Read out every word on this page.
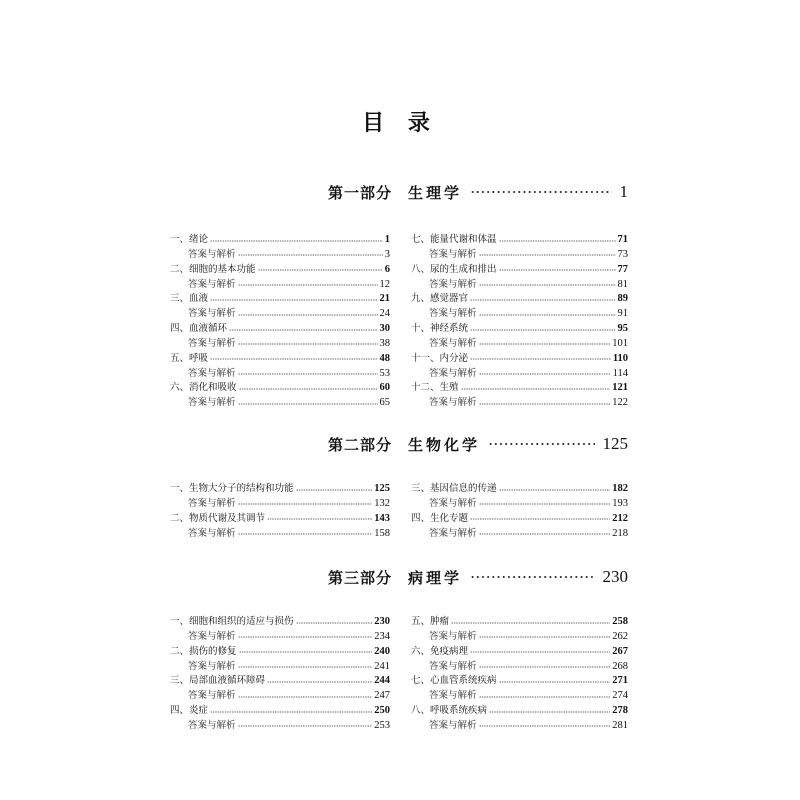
目 录
第一部分 生理学	1
一、绪论	1
答案与解析	3
二、细胞的基本功能	6
答案与解析	12
三、血液	21
答案与解析	24
四、血液循环	30
答案与解析	38
五、呼吸	48
答案与解析	53
六、消化和吸收	60
答案与解析	65
七、能量代谢和体温	71
答案与解析	73
八、尿的生成和排出	77
答案与解析	81
九、感觉器官	89
答案与解析	91
十、神经系统	95
答案与解析	101
十一、内分泌	110
答案与解析	114
十二、生殖	121
答案与解析	122
第二部分 生物化学	125
一、生物大分子的结构和功能	125
答案与解析	132
二、物质代谢及其调节	143
答案与解析	158
三、基因信息的传递	182
答案与解析	193
四、生化专题	212
答案与解析	218
第三部分 病理学	230
一、细胞和组织的适应与损伤	230
答案与解析	234
二、损伤的修复	240
答案与解析	241
三、局部血液循环障碍	244
答案与解析	247
四、炎症	250
答案与解析	253
五、肿瘤	258
答案与解析	262
六、免疫病理	267
答案与解析	268
七、心血管系统疾病	271
答案与解析	274
八、呼吸系统疾病	278
答案与解析	281
